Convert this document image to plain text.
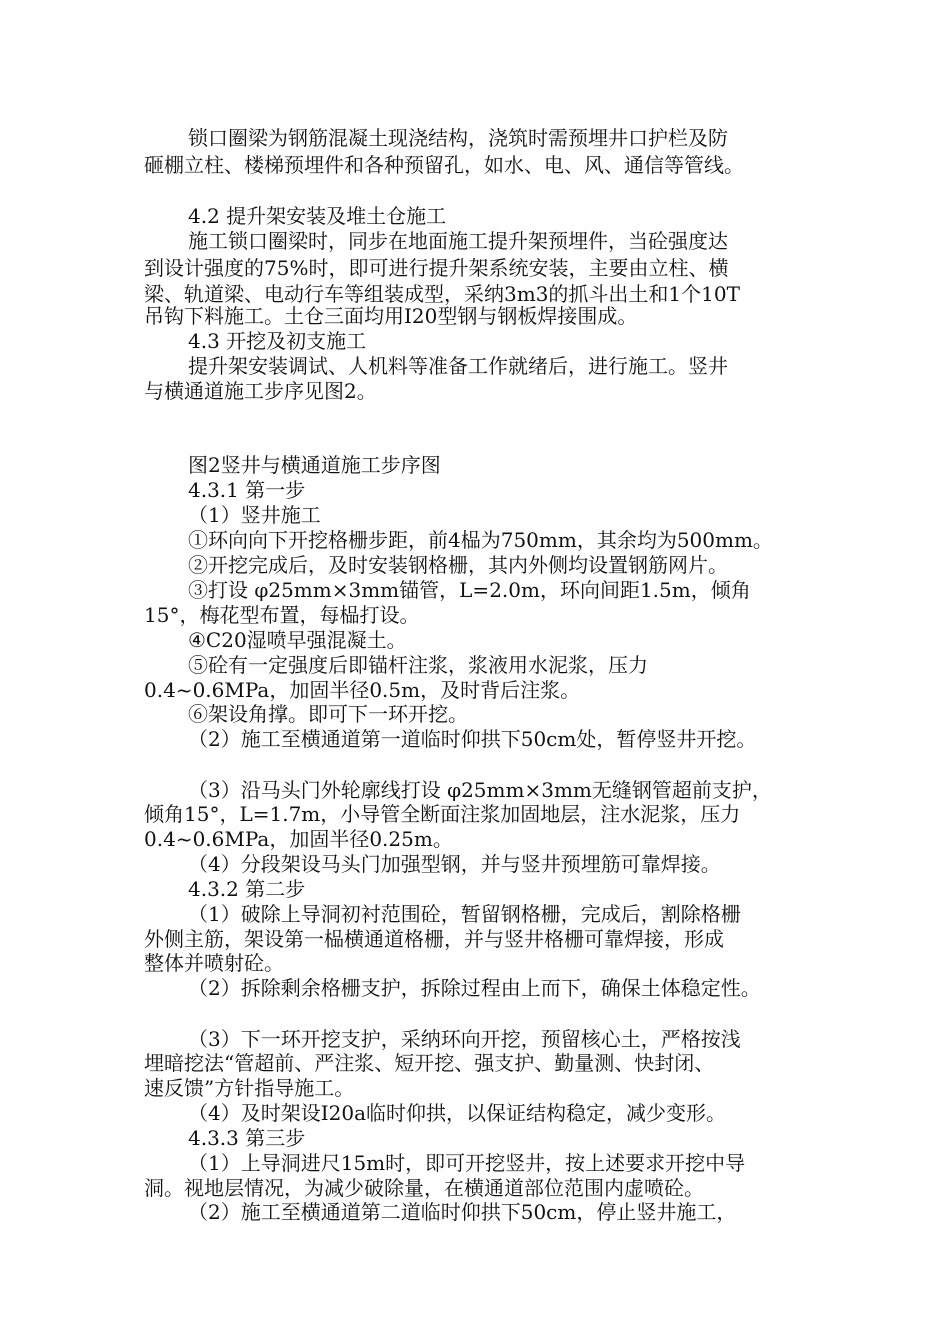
锁口圈梁为钢筋混凝土现浇结构，浇筑时需预埋井口护栏及防
砸棚立柱、楼梯预埋件和各种预留孔，如水、电、风、通信等管线。
4.2 提升架安装及堆土仓施工
施工锁口圈梁时，同步在地面施工提升架预埋件，当砼强度达
到设计强度的75%时，即可进行提升架系统安装，主要由立柱、横
梁、轨道梁、电动行车等组装成型，采纳3m3的抓斗出土和1个10T
吊钩下料施工。土仓三面均用I20型钢与钢板焊接围成。
4.3 开挖及初支施工
提升架安装调试、人机料等准备工作就绪后，进行施工。竖井
与横通道施工步序见图2。
图2竖井与横通道施工步序图
4.3.1 第一步
（1）竖井施工
①环向向下开挖格栅步距，前4榀为750mm，其余均为500mm。
②开挖完成后，及时安装钢格栅，其内外侧均设置钢筋网片。
③打设 φ25mm×3mm锚管，L=2.0m，环向间距1.5m，倾角
15°，梅花型布置，每榀打设。
④C20湿喷早强混凝土。
⑤砼有一定强度后即锚杆注浆，浆液用水泥浆，压力
0.4~0.6MPa，加固半径0.5m，及时背后注浆。
⑥架设角撑。即可下一环开挖。
（2）施工至横通道第一道临时仰拱下50cm处，暂停竖井开挖。
（3）沿马头门外轮廓线打设 φ25mm×3mm无缝钢管超前支护，
倾角15°，L=1.7m，小导管全断面注浆加固地层，注水泥浆，压力
0.4~0.6MPa，加固半径0.25m。
（4）分段架设马头门加强型钢，并与竖井预埋筋可靠焊接。
4.3.2 第二步
（1）破除上导洞初衬范围砼，暂留钢格栅，完成后，割除格栅
外侧主筋，架设第一榀横通道格栅，并与竖井格栅可靠焊接，形成
整体并喷射砼。
（2）拆除剩余格栅支护，拆除过程由上而下，确保土体稳定性。
（3）下一环开挖支护，采纳环向开挖，预留核心土，严格按浅
埋暗挖法“管超前、严注浆、短开挖、强支护、勤量测、快封闭、
速反馈”方针指导施工。
（4）及时架设I20a临时仰拱，以保证结构稳定，减少变形。
4.3.3 第三步
（1）上导洞进尺15m时，即可开挖竖井，按上述要求开挖中导
洞。视地层情况，为减少破除量，在横通道部位范围内虚喷砼。
（2）施工至横通道第二道临时仰拱下50cm，停止竖井施工，
